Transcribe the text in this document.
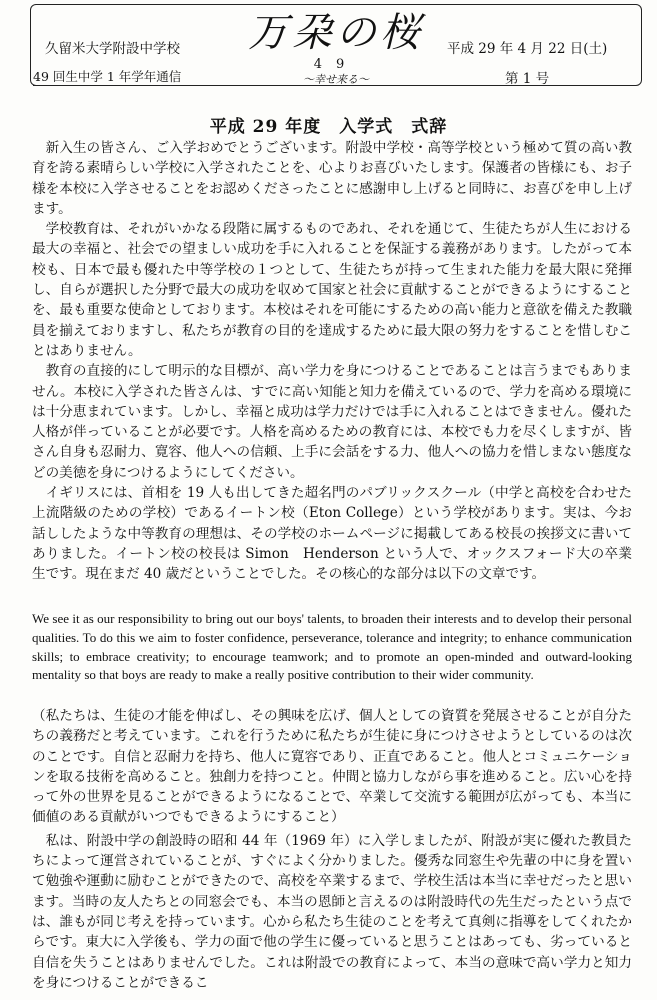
久留米大学附設中学校	万朶の桜
49
～幸せ来る～
平成 29 年 4 月 22 日(土)
49 回生中学 1 年学年通信	第 1 号
平成 29 年度　入学式　式辞

新入生の皆さん、ご入学おめでとうございます。附設中学校・高等学校という極めて質の高い教育を誇る素晴らしい学校に入学されたことを、心よりお喜びいたします。保護者の皆様にも、お子様を本校に入学させることをお認めくださったことに感謝申し上げると同時に、お喜びを申し上げます。

学校教育は、それがいかなる段階に属するものであれ、それを通じて、生徒たちが人生における最大の幸福と、社会での望ましい成功を手に入れることを保証する義務があります。したがって本校も、日本で最も優れた中等学校の１つとして、生徒たちが持って生まれた能力を最大限に発揮し、自らが選択した分野で最大の成功を収めて国家と社会に貢献することができるようにすることを、最も重要な使命としております。本校はそれを可能にするための高い能力と意欲を備えた教職員を揃えておりますし、私たちが教育の目的を達成するために最大限の努力をすることを惜しむことはありません。

教育の直接的にして明示的な目標が、高い学力を身につけることであることは言うまでもありません。本校に入学された皆さんは、すでに高い知能と知力を備えているので、学力を高める環境には十分恵まれています。しかし、幸福と成功は学力だけでは手に入れることはできません。優れた人格が伴っていることが必要です。人格を高めるための教育には、本校でも力を尽くしますが、皆さん自身も忍耐力、寛容、他人への信頼、上手に会話をする力、他人への協力を惜しまない態度などの美徳を身につけるようにしてください。

イギリスには、首相を 19 人も出してきた超名門のパブリックスクール（中学と高校を合わせた上流階級のための学校）であるイートン校（Eton College）という学校があります。実は、今お話ししたような中等教育の理想は、その学校のホームページに掲載してある校長の挨拶文に書いてありました。イートン校の校長は Simon　Henderson という人で、オックスフォード大の卒業生です。現在まだ 40 歳だということでした。その核心的な部分は以下の文章です。

We see it as our responsibility to bring out our boys' talents, to broaden their interests and to develop their personal qualities. To do this we aim to foster confidence, perseverance, tolerance and integrity; to enhance communication skills; to embrace creativity; to encourage teamwork; and to promote an open-minded and outward-looking mentality so that boys are ready to make a really positive contribution to their wider community.

（私たちは、生徒の才能を伸ばし、その興味を広げ、個人としての資質を発展させることが自分たちの義務だと考えています。これを行うために私たちが生徒に身につけさせようとしているのは次のことです。自信と忍耐力を持ち、他人に寛容であり、正直であること。他人とコミュニケーションを取る技術を高めること。独創力を持つこと。仲間と協力しながら事を進めること。広い心を持って外の世界を見ることができるようになることで、卒業して交流する範囲が広がっても、本当に価値のある貢献がいつでもできるようにすること）

私は、附設中学の創設時の昭和 44 年（1969 年）に入学しましたが、附設が実に優れた教員たちによって運営されていることが、すぐによく分かりました。優秀な同窓生や先輩の中に身を置いて勉強や運動に励むことができたので、高校を卒業するまで、学校生活は本当に幸せだったと思います。当時の友人たちとの同窓会でも、本当の恩師と言えるのは附設時代の先生だったという点では、誰もが同じ考えを持っています。心から私たち生徒のことを考えて真剣に指導をしてくれたからです。東大に入学後も、学力の面で他の学生に優っていると思うことはあっても、劣っていると自信を失うことはありませんでした。これは附設での教育によって、本当の意味で高い学力と知力を身につけることができるこ
